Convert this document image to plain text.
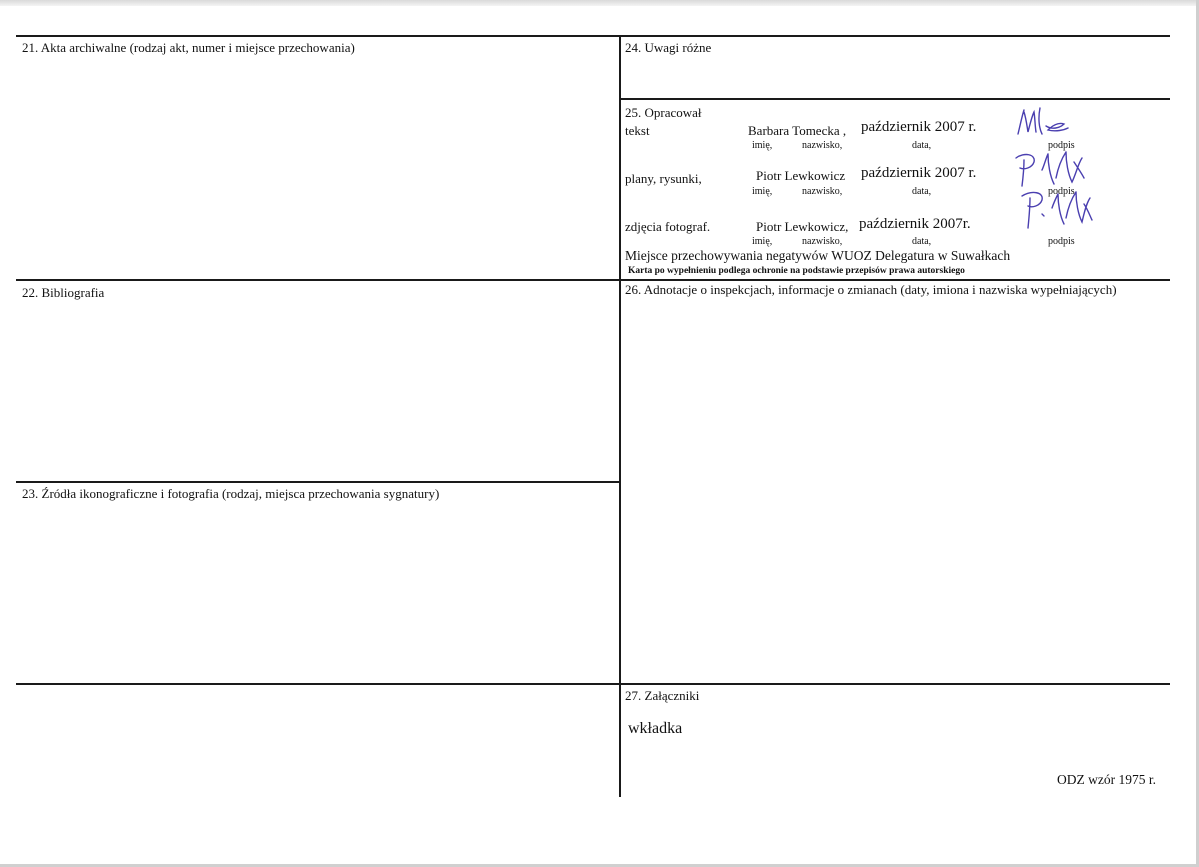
21. Akta archiwalne (rodzaj akt, numer i miejsce przechowania)
22. Bibliografia
23. Źródła ikonograficzne i fotografia (rodzaj, miejsca przechowania sygnatury)
24. Uwagi różne
25. Opracował
26. Adnotacje o inspekcjach, informacje o zmianach (daty, imiona i nazwiska wypełniających)
27. Załączniki
tekst	Barbara Tomecka , październik 2007 r.
imię,	nazwisko,	data,	podpis
plany, rysunki,	Piotr Lewkowicz październik 2007 r.
imię,	nazwisko,	data,	podpis
zdjęcia fotograf.	Piotr Lewkowicz, październik 2007r.
imię,	nazwisko,	data,	podpis
Miejsce przechowywania negatywów WUOZ Delegatura w Suwałkach
Karta po wypełnieniu podlega ochronie na podstawie przepisów prawa autorskiego
wkładka
ODZ wzór 1975 r.
